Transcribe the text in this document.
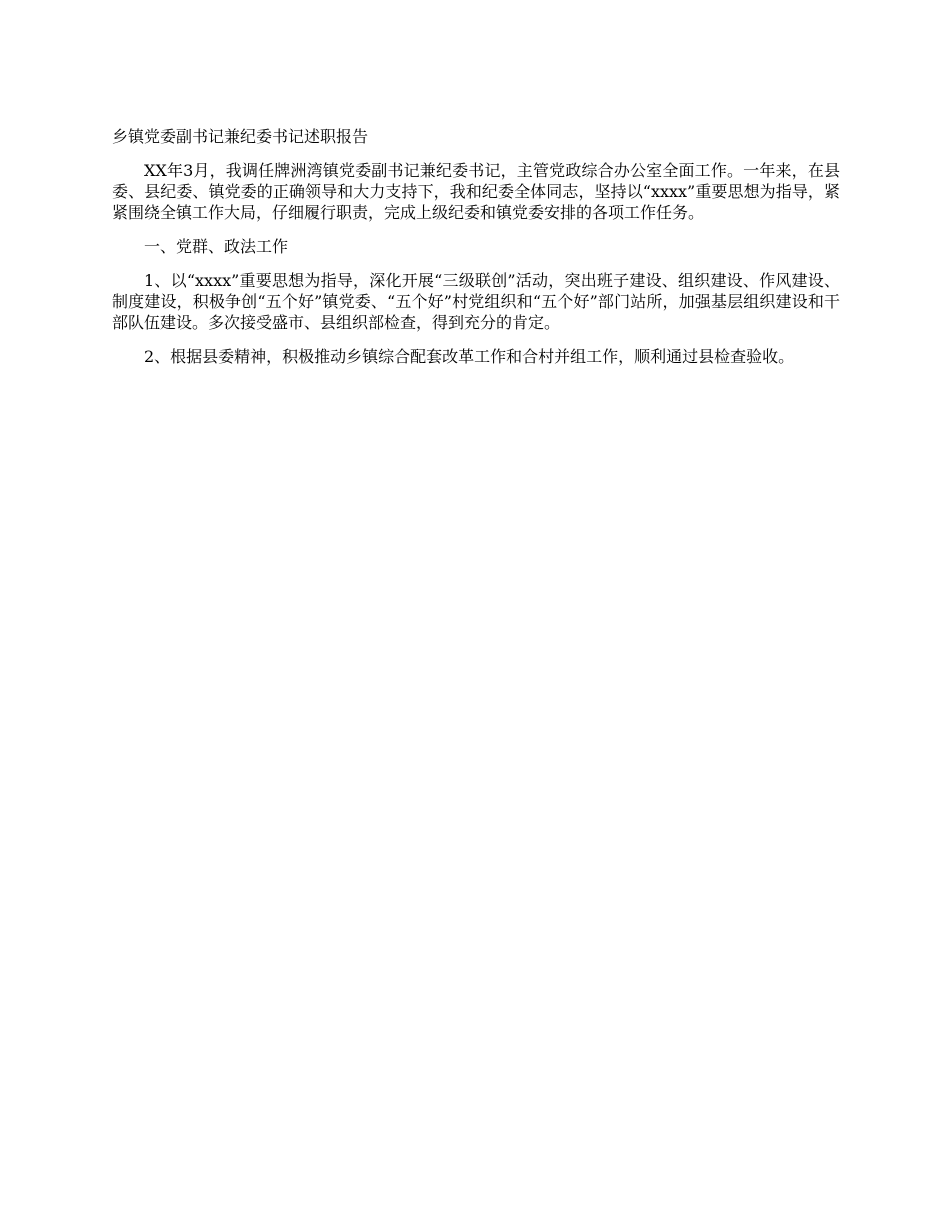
乡镇党委副书记兼纪委书记述职报告

XX年3月，我调任牌洲湾镇党委副书记兼纪委书记，主管党政综合办公室全面工作。一年来，在县委、县纪委、镇党委的正确领导和大力支持下，我和纪委全体同志，坚持以“xxxx”重要思想为指导，紧紧围绕全镇工作大局，仔细履行职责，完成上级纪委和镇党委安排的各项工作任务。

一、党群、政法工作

1、以“xxxx”重要思想为指导，深化开展“三级联创”活动，突出班子建设、组织建设、作风建设、制度建设，积极争创“五个好”镇党委、“五个好”村党组织和“五个好”部门站所，加强基层组织建设和干部队伍建设。多次接受盛市、县组织部检查，得到充分的肯定。

2、根据县委精神，积极推动乡镇综合配套改革工作和合村并组工作，顺利通过县检查验收。
